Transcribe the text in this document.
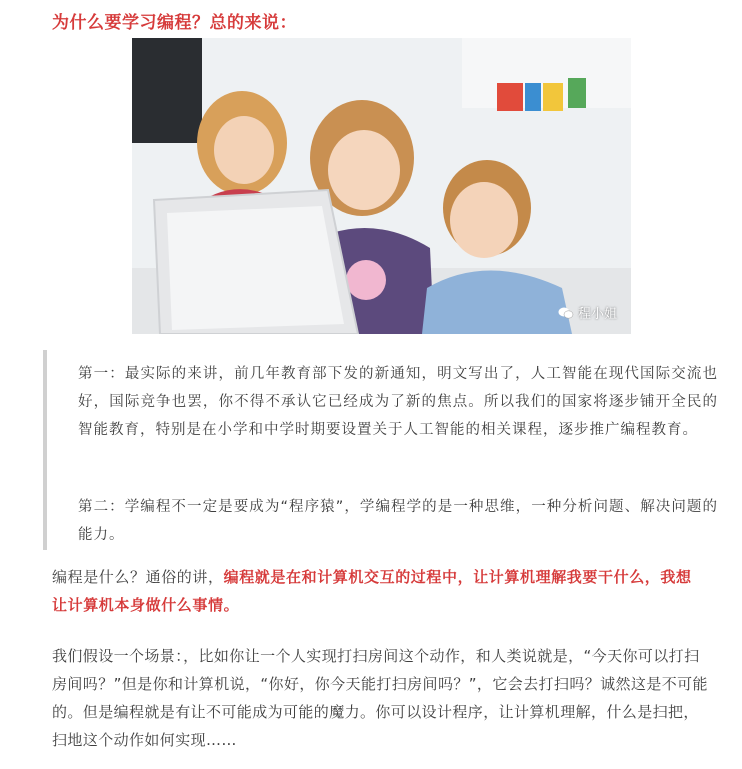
为什么要学习编程？总的来说：
程小姐

第一：最实际的来讲，前几年教育部下发的新通知，明文写出了，人工智能在现代国际交流也好，国际竞争也罢，你不得不承认它已经成为了新的焦点。所以我们的国家将逐步铺开全民的智能教育，特别是在小学和中学时期要设置关于人工智能的相关课程，逐步推广编程教育。

第二：学编程不一定是要成为“程序猿”，学编程学的是一种思维，一种分析问题、解决问题的能力。

编程是什么？通俗的讲，编程就是在和计算机交互的过程中，让计算机理解我要干什么，我想让计算机本身做什么事情。

我们假设一个场景：，比如你让一个人实现打扫房间这个动作，和人类说就是，“今天你可以打扫房间吗？”但是你和计算机说，“你好，你今天能打扫房间吗？”，它会去打扫吗？诚然这是不可能的。但是编程就是有让不可能成为可能的魔力。你可以设计程序，让计算机理解，什么是扫把，扫地这个动作如何实现……
